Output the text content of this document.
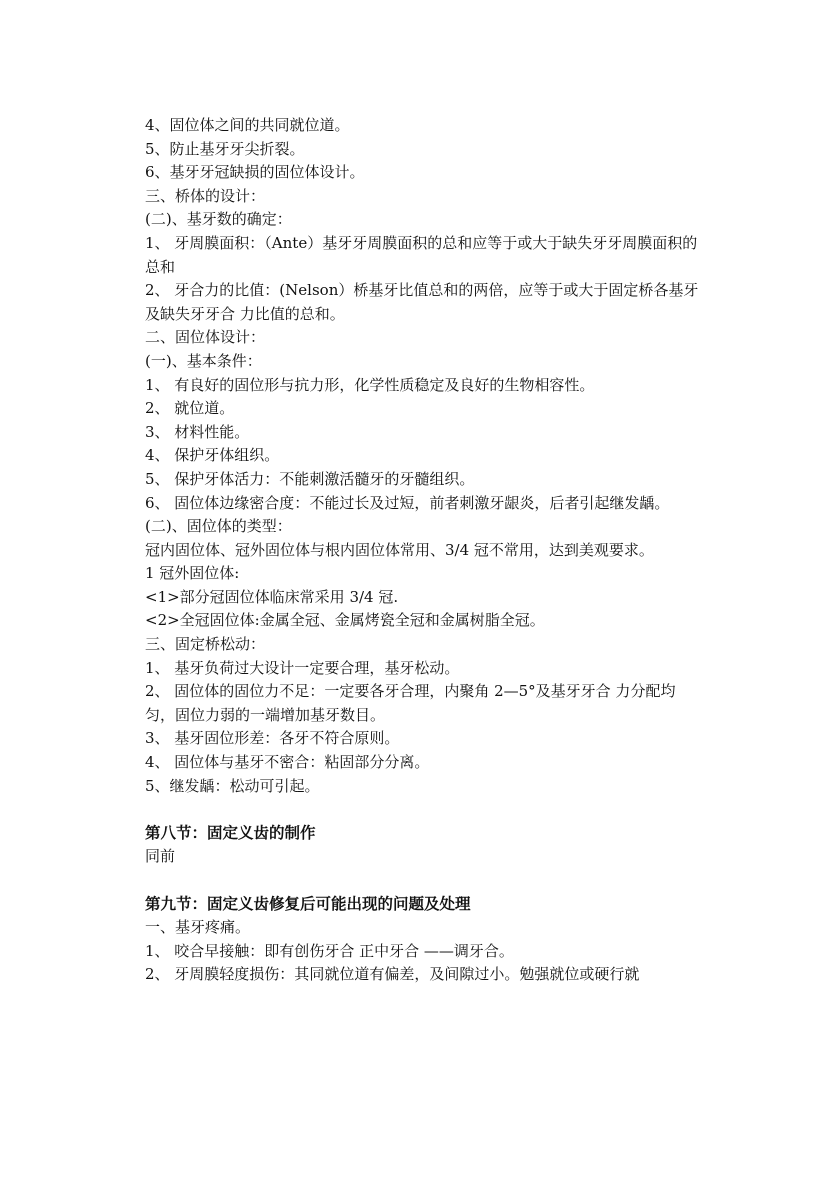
4、固位体之间的共同就位道。

5、防止基牙牙尖折裂。

6、基牙牙冠缺损的固位体设计。

三、桥体的设计：

(二)、基牙数的确定：

1、 牙周膜面积：（Ante）基牙牙周膜面积的总和应等于或大于缺失牙牙周膜面积的总和

2、 牙合力的比值：(Nelson）桥基牙比值总和的两倍，应等于或大于固定桥各基牙及缺失牙牙合 力比值的总和。

二、固位体设计：

(一)、基本条件：

1、 有良好的固位形与抗力形，化学性质稳定及良好的生物相容性。

2、 就位道。

3、 材料性能。

4、 保护牙体组织。

5、 保护牙体活力：不能刺激活髓牙的牙髓组织。

6、 固位体边缘密合度：不能过长及过短，前者刺激牙龈炎，后者引起继发龋。

(二)、固位体的类型：

冠内固位体、冠外固位体与根内固位体常用、3/4 冠不常用，达到美观要求。

1 冠外固位体:

<1>部分冠固位体临床常采用 3/4 冠.

<2>全冠固位体:金属全冠、金属烤瓷全冠和金属树脂全冠。

三、固定桥松动：

1、 基牙负荷过大设计一定要合理，基牙松动。

2、 固位体的固位力不足：一定要各牙合理，内聚角 2—5°及基牙牙合 力分配均匀，固位力弱的一端增加基牙数目。

3、 基牙固位形差：各牙不符合原则。

4、 固位体与基牙不密合：粘固部分分离。

5、继发龋：松动可引起。

第八节：固定义齿的制作

同前

第九节：固定义齿修复后可能出现的问题及处理

一、基牙疼痛。

1、 咬合早接触：即有创伤牙合 正中牙合 ——调牙合。

2、 牙周膜轻度损伤：其同就位道有偏差，及间隙过小。勉强就位或硬行就
